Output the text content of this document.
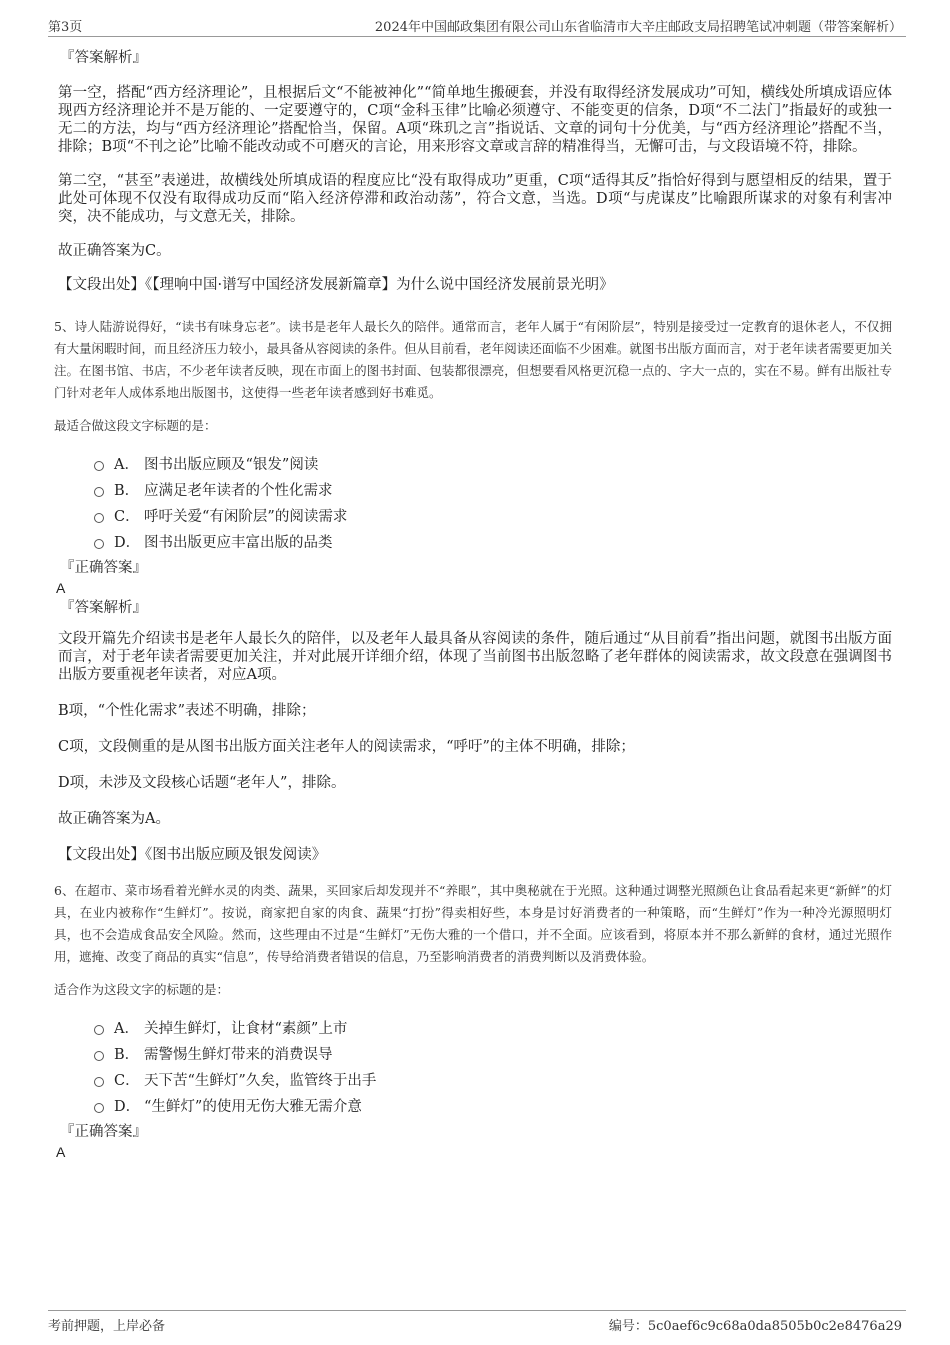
第3页	2024年中国邮政集团有限公司山东省临清市大辛庄邮政支局招聘笔试冲刺题（带答案解析）
『答案解析』

第一空，搭配“西方经济理论”，且根据后文“不能被神化”“简单地生搬硬套，并没有取得经济发展成功”可知，横线处所填成语应体现西方经济理论并不是万能的、一定要遵守的，C项“金科玉律”比喻必须遵守、不能变更的信条，D项“不二法门”指最好的或独一无二的方法，均与“西方经济理论”搭配恰当，保留。A项“珠玑之言”指说话、文章的词句十分优美，与“西方经济理论”搭配不当，排除；B项“不刊之论”比喻不能改动或不可磨灭的言论，用来形容文章或言辞的精准得当，无懈可击，与文段语境不符，排除。

第二空，“甚至”表递进，故横线处所填成语的程度应比“没有取得成功”更重，C项“适得其反”指恰好得到与愿望相反的结果，置于此处可体现不仅没有取得成功反而“陷入经济停滞和政治动荡”，符合文意，当选。D项“与虎谋皮”比喻跟所谋求的对象有利害冲突，决不能成功，与文意无关，排除。

故正确答案为C。

【文段出处】《【理响中国·谱写中国经济发展新篇章】为什么说中国经济发展前景光明》

5、诗人陆游说得好，“读书有味身忘老”。读书是老年人最长久的陪伴。通常而言，老年人属于“有闲阶层”，特别是接受过一定教育的退休老人，不仅拥有大量闲暇时间，而且经济压力较小，最具备从容阅读的条件。但从目前看，老年阅读还面临不少困难。就图书出版方面而言，对于老年读者需要更加关注。在图书馆、书店，不少老年读者反映，现在市面上的图书封面、包装都很漂亮，但想要看风格更沉稳一点的、字大一点的，实在不易。鲜有出版社专门针对老年人成体系地出版图书，这使得一些老年读者感到好书难觅。

最适合做这段文字标题的是：

A． 图书出版应顾及“银发”阅读
B． 应满足老年读者的个性化需求
C． 呼吁关爱“有闲阶层”的阅读需求
D． 图书出版更应丰富出版的品类
『正确答案』
A
『答案解析』

文段开篇先介绍读书是老年人最长久的陪伴，以及老年人最具备从容阅读的条件，随后通过“从目前看”指出问题，就图书出版方面而言，对于老年读者需要更加关注，并对此展开详细介绍，体现了当前图书出版忽略了老年群体的阅读需求，故文段意在强调图书出版方要重视老年读者，对应A项。

B项，“个性化需求”表述不明确，排除；

C项，文段侧重的是从图书出版方面关注老年人的阅读需求，“呼吁”的主体不明确，排除；

D项，未涉及文段核心话题“老年人”，排除。

故正确答案为A。

【文段出处】《图书出版应顾及银发阅读》

6、在超市、菜市场看着光鲜水灵的肉类、蔬果，买回家后却发现并不“养眼”，其中奥秘就在于光照。这种通过调整光照颜色让食品看起来更“新鲜”的灯具，在业内被称作“生鲜灯”。按说，商家把自家的肉食、蔬果“打扮”得卖相好些，本身是讨好消费者的一种策略，而“生鲜灯”作为一种冷光源照明灯具，也不会造成食品安全风险。然而，这些理由不过是“生鲜灯”无伤大雅的一个借口，并不全面。应该看到，将原本并不那么新鲜的食材，通过光照作用，遮掩、改变了商品的真实“信息”，传导给消费者错误的信息，乃至影响消费者的消费判断以及消费体验。

适合作为这段文字的标题的是：

A． 关掉生鲜灯，让食材“素颜”上市
B． 需警惕生鲜灯带来的消费误导
C． 天下苦“生鲜灯”久矣，监管终于出手
D． “生鲜灯”的使用无伤大雅无需介意
『正确答案』
A
考前押题，上岸必备	编号：5c0aef6c9c68a0da8505b0c2e8476a29
